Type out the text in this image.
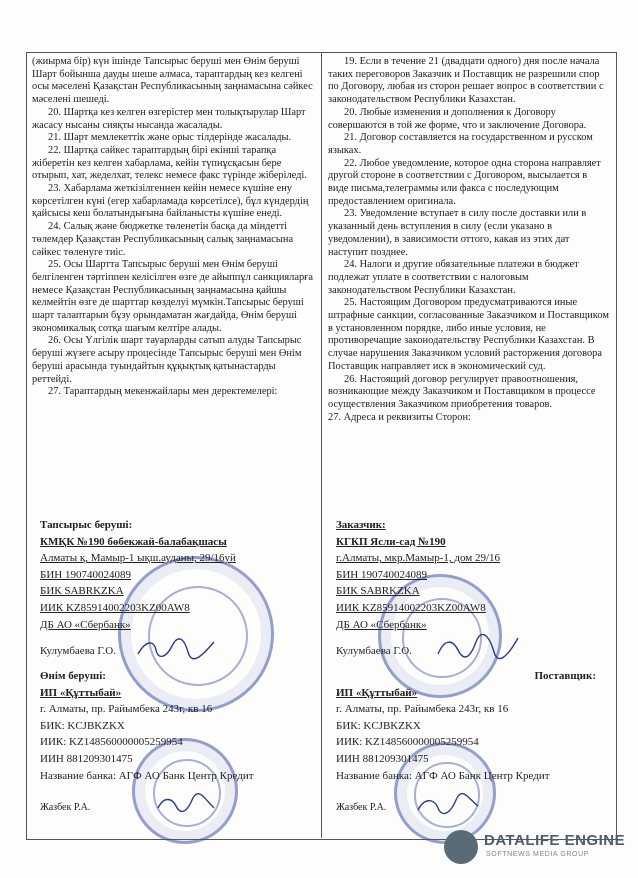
(жиырма бір) күн ішінде Тапсырыс беруші мен Өнім беруші Шарт бойынша дауды шеше алмаса, тараптардың кез келгені осы мәселені Қазақстан Республикасының заңнамасына сәйкес мәселені шешеді.

20. Шартқа кез келген өзгерістер мен толықтырулар Шарт жасасу нысаны сияқты нысанда жасалады.

21. Шарт мемлекеттік және орыс тілдерінде жасалады.

22. Шартқа сәйкес тараптардың бірі екінші тарапқа жіберетін кез келген хабарлама, кейін түпнұсқасын бере отырып, хат, жеделхат, телекс немесе факс түрінде жіберіледі.

23. Хабарлама жеткізілгеннен кейін немесе күшіне ену көрсетілген күні (егер хабарламада көрсетілсе), бұл күндердің қайсысы кеш болатындығына байланысты күшіне енеді.

24. Салық және бюджетке төленетін басқа да міндетті төлемдер Қазақстан Республикасының салық заңнамасына сәйкес төленуге тиіс.

25. Осы Шартта Тапсырыс беруші мен Өнім беруші белгіленген тәртіппен келісілген өзге де айыппұл санкцияларға немесе Қазақстан Республикасының заңнамасына қайшы келмейтін өзге де шарттар көзделуі мүмкін.Тапсырыс беруші шарт талаптарын бұзу орындаматан жағдайда, Өнім беруші экономикалық сотқа шағым келтіре алады.

26. Осы Үлгілік шарт тауарларды сатып алуды Тапсырыс беруші жүзеге асыру процесінде Тапсырыс беруші мен Өнім беруші арасында туындайтын құқықтық қатынастарды реттейді.

27. Тараптардың мекенжайлары мен деректемелері:

19. Если в течение 21 (двадцати одного) дня после начала таких переговоров Заказчик и Поставщик не разрешили спор по Договору, любая из сторон решает вопрос в соответствии с законодательством Республики Казахстан.

20. Любые изменения и дополнения к Договору совершаются в той же форме, что и заключение Договора.

21. Договор составляется на государственном и русском языках.

22. Любое уведомление, которое одна сторона направляет другой стороне в соответствии с Договором, высылается в виде письма,телеграммы или факса с последующим предоставлением оригинала.

23. Уведомление вступает в силу после доставки или в указанный день вступления в силу (если указано в уведомлении), в зависимости оттого, какая из этих дат наступит позднее.

24. Налоги и другие обязательные платежи в бюджет подлежат уплате в соответствии с налоговым законодательством Республики Казахстан.

25. Настоящим Договором предусматриваются иные штрафные санкции, согласованные Заказчиком и Поставщиком в установленном порядке, либо иные условия, не противоречащие законодательству Республики Казахстан. В случае нарушения Заказчиком условий расторжения договора Поставщик направляет иск в экономический суд.

26. Настоящий договор регулирует правоотношения, возникающие между Заказчиком и Поставщиком в процессе осуществления Заказчиком приобретения товаров.

27. Адреса и реквизиты Сторон:

Тапсырыс беруші:
КМҚК №190 бөбекжай-балабақшасы
Алматы қ, Мамыр-1 ықш.ауданы, 29/16уй
БИН 190740024089
БИК SABRKZKA
ИИК KZ85914002203KZ00AW8
ДБ АО «Сбербанк»
Кулумбаева Г.О.
Заказчик:
КГКП Ясли-сад №190
г.Алматы, мкр.Мамыр-1, дом 29/16
БИН 190740024089
БИК SABRKZKA
ИИК KZ85914002203KZ00AW8
ДБ АО «Сбербанк»
Кулумбаева Г.О.
Өнім беруші:
ИП «Құттыбай»
г. Алматы, пр. Райымбека 243г, кв 16
БИК: KCJBKZKX
ИИК: KZ148560000005259954
ИИН 881209301475
Название банка: АГФ АО Банк Центр Кредит
Жазбек Р.А.
Поставщик:
ИП «Құттыбай»
г. Алматы, пр. Райымбека 243г, кв 16
БИК: KCJBKZKX
ИИК: KZ148560000005259954
ИИН 881209301475
Название банка: АГФ АО Банк Центр Кредит
Жазбек Р.А.
DATALIFE ENGINE
SOFTNEWS MEDIA GROUP
